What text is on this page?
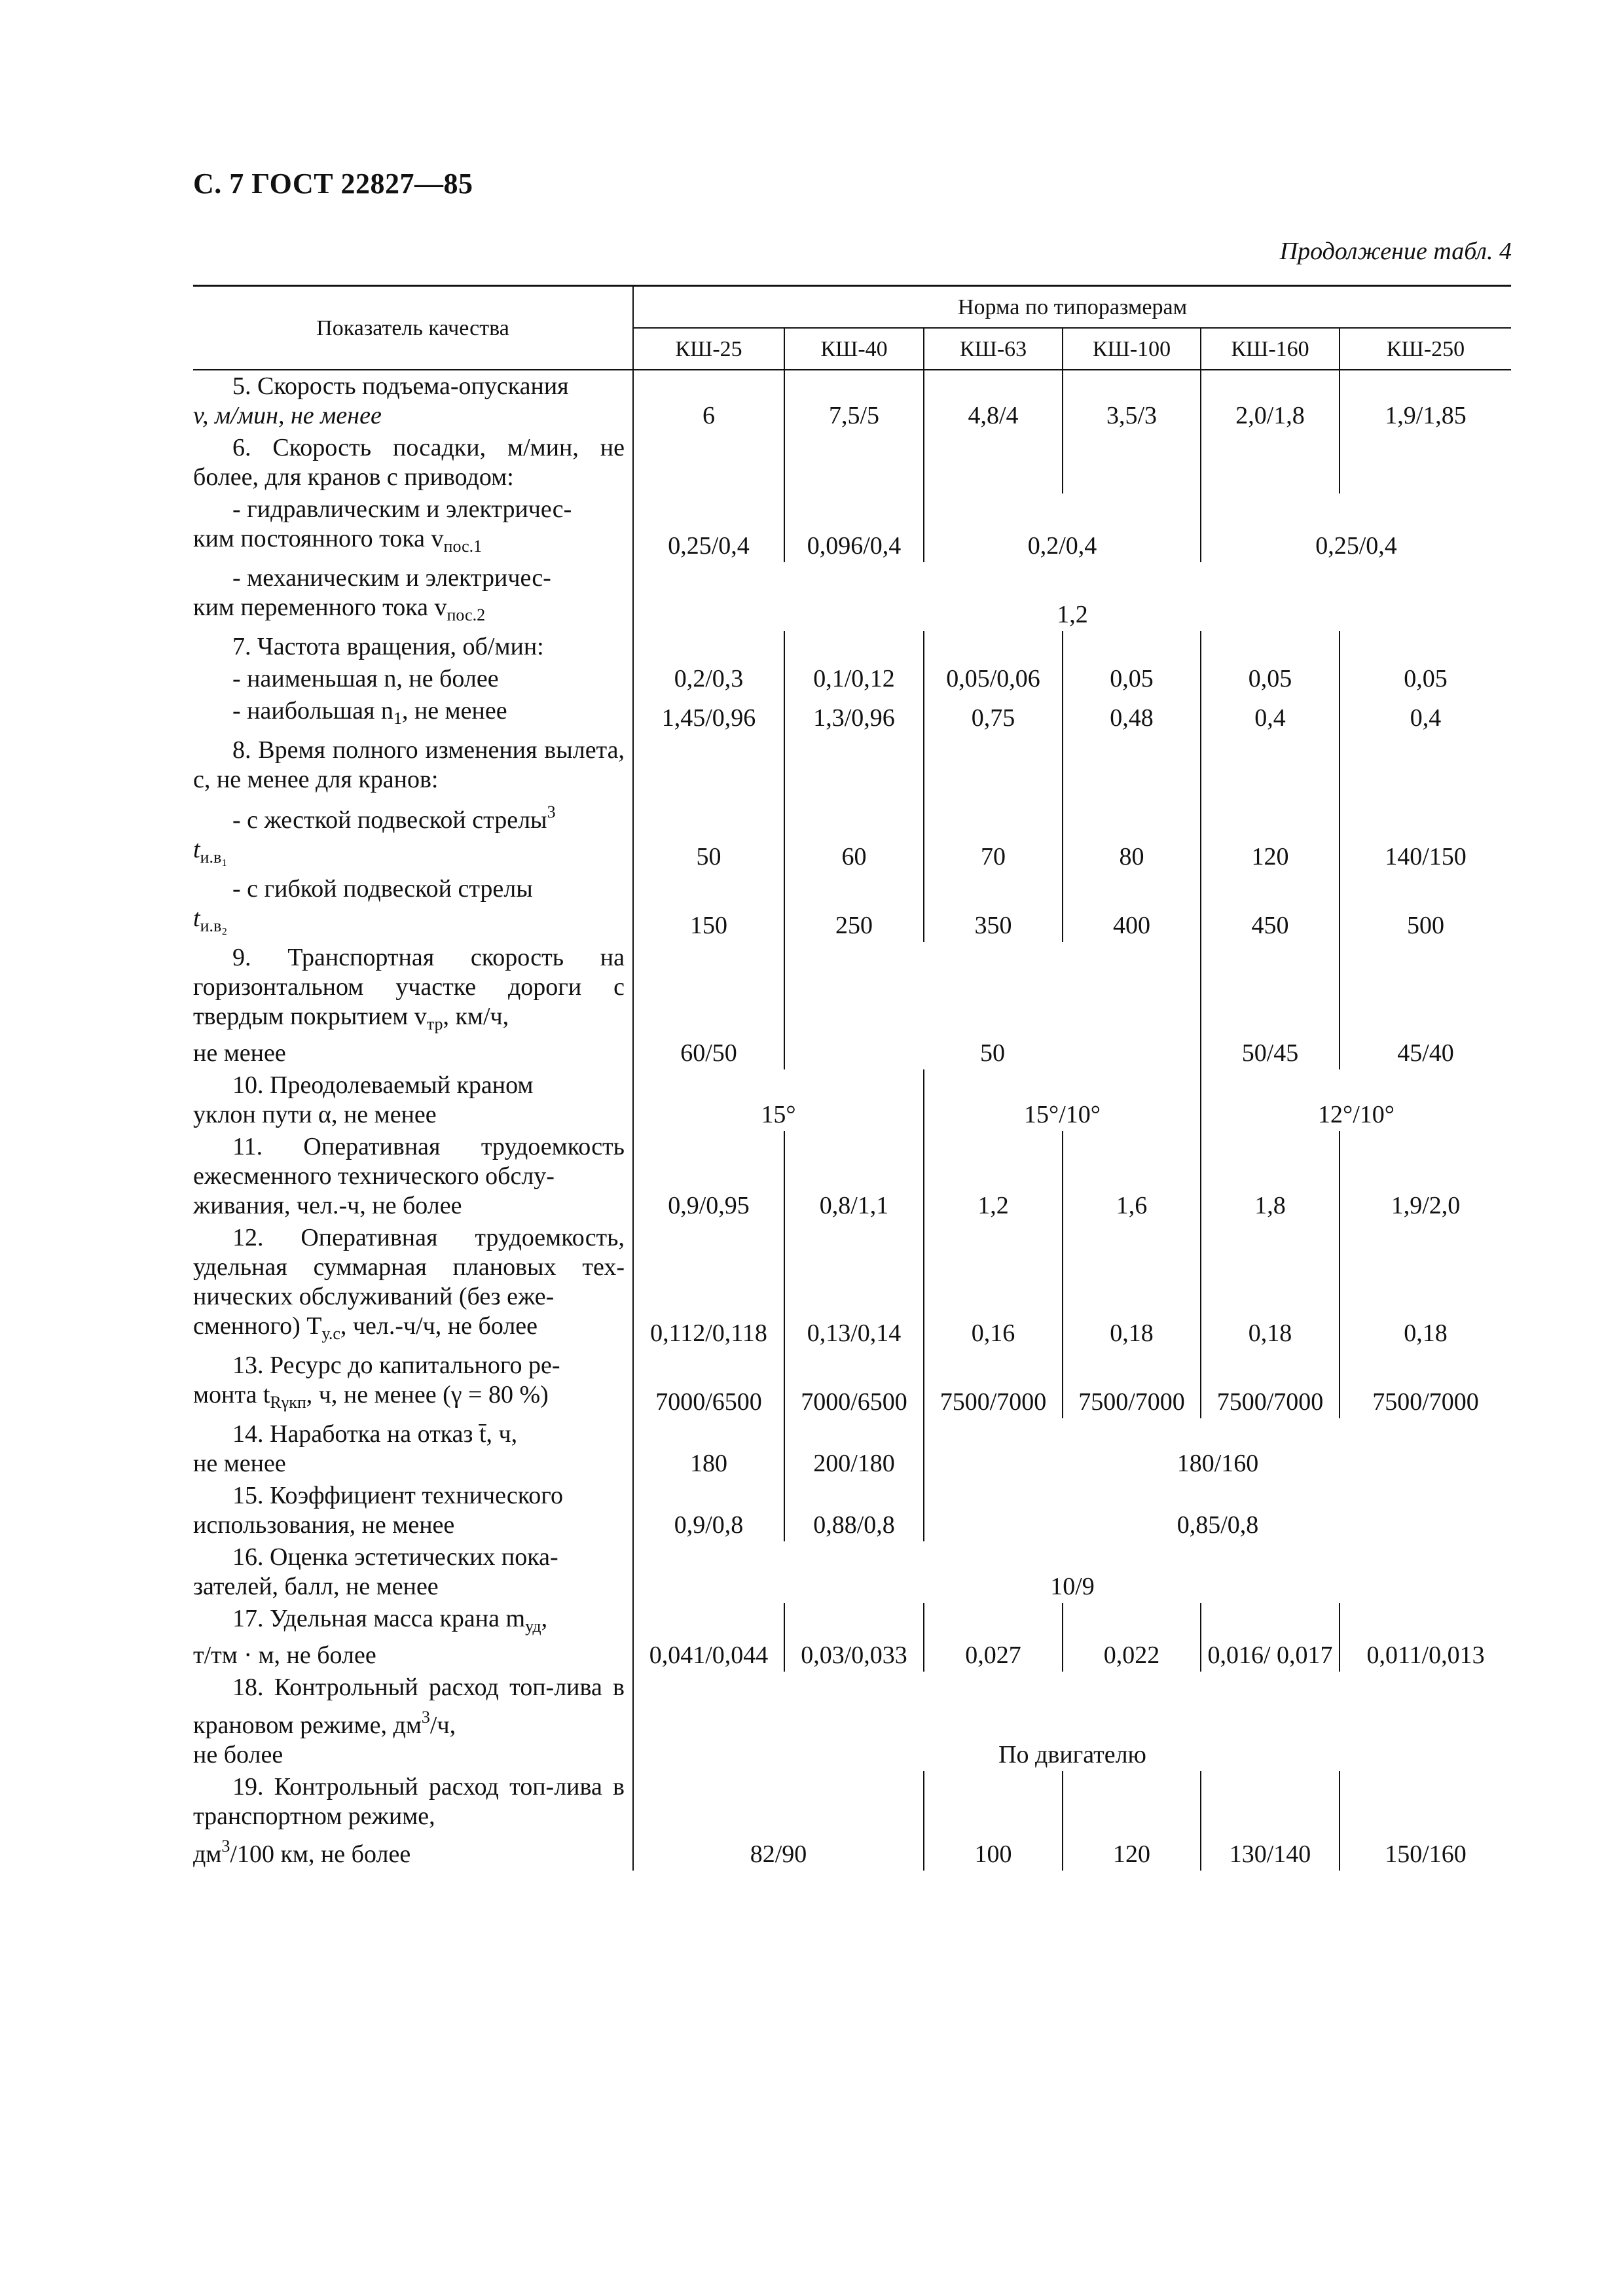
С. 7 ГОСТ 22827—85
Продолжение табл. 4
Показатель качества	Норма по типоразмерам					
	КШ-25	КШ-40	КШ-63	КШ-100	КШ-160	КШ-250

5. Скорость подъема-опускания
v, м/мин, не менее	6	7,5/5	4,8/4	3,5/3	2,0/1,8	1,9/1,85

6. Скорость посадки, м/мин, не более, для кранов с приводом:						

- гидравлическим и электричес-
ким постоянного тока $v_{пос.1}$	0,25/0,4	0,096/0,4	0,2/0,4		0,25/0,4	

- механическим и электричес-
ким переменного тока $v_{пос.2}$	1,2					

7. Частота вращения, об/мин:						

- наименьшая n, не более	0,2/0,3	0,1/0,12	0,05/0,06	0,05	0,05	0,05

- наибольшая $n_1$, не менее	1,45/0,96	1,3/0,96	0,75	0,48	0,4	0,4

8. Время полного изменения вылета, с, не менее для кранов:						

- с жесткой подвеской стрелы$^3$
$t_{и.в_1}$	50	60	70	80	120	140/150

- с гибкой подвеской стрелы
$t_{и.в_2}$	150	250	350	400	450	500

9. Транспортная скорость на горизонтальном участке дороги с твердым покрытием $v_{тр}$, км/ч,
не менее	60/50	50			50/45	45/40

10. Преодолеваемый краном
уклон пути α, не менее	15°		15°/10°		12°/10°	

11. Оперативная трудоемкость ежесменного технического обслу-
живания, чел.-ч, не более	0,9/0,95	0,8/1,1	1,2	1,6	1,8	1,9/2,0

12. Оперативная трудоемкость, удельная суммарная плановых тех-нических обслуживаний (без еже-
сменного) $T_{у.с}$, чел.-ч/ч, не более	0,112/0,118	0,13/0,14	0,16	0,18	0,18	0,18

13. Ресурс до капитального ре-
монта $t_{R\gamma кп}$, ч, не менее (γ = 80 %)	7000/6500	7000/6500	7500/7000	7500/7000	7500/7000	7500/7000

14. Наработка на отказ t̄, ч,
не менее	180	200/180	180/160			

15. Коэффициент технического
использования, не менее	0,9/0,8	0,88/0,8	0,85/0,8			

16. Оценка эстетических пока-
зателей, балл, не менее	10/9					

17. Удельная масса крана $m_{уд}$,
т/тм · м, не более	0,041/0,044	0,03/0,033	0,027	0,022	0,016/ 0,017	0,011/0,013

18. Контрольный расход топ-лива в крановом режиме, $дм^3/ч$,
не более	По двигателю					

19. Контрольный расход топ-лива в транспортном режиме,
$дм^3/100$ км, не более	82/90		100	120	130/140	150/160
